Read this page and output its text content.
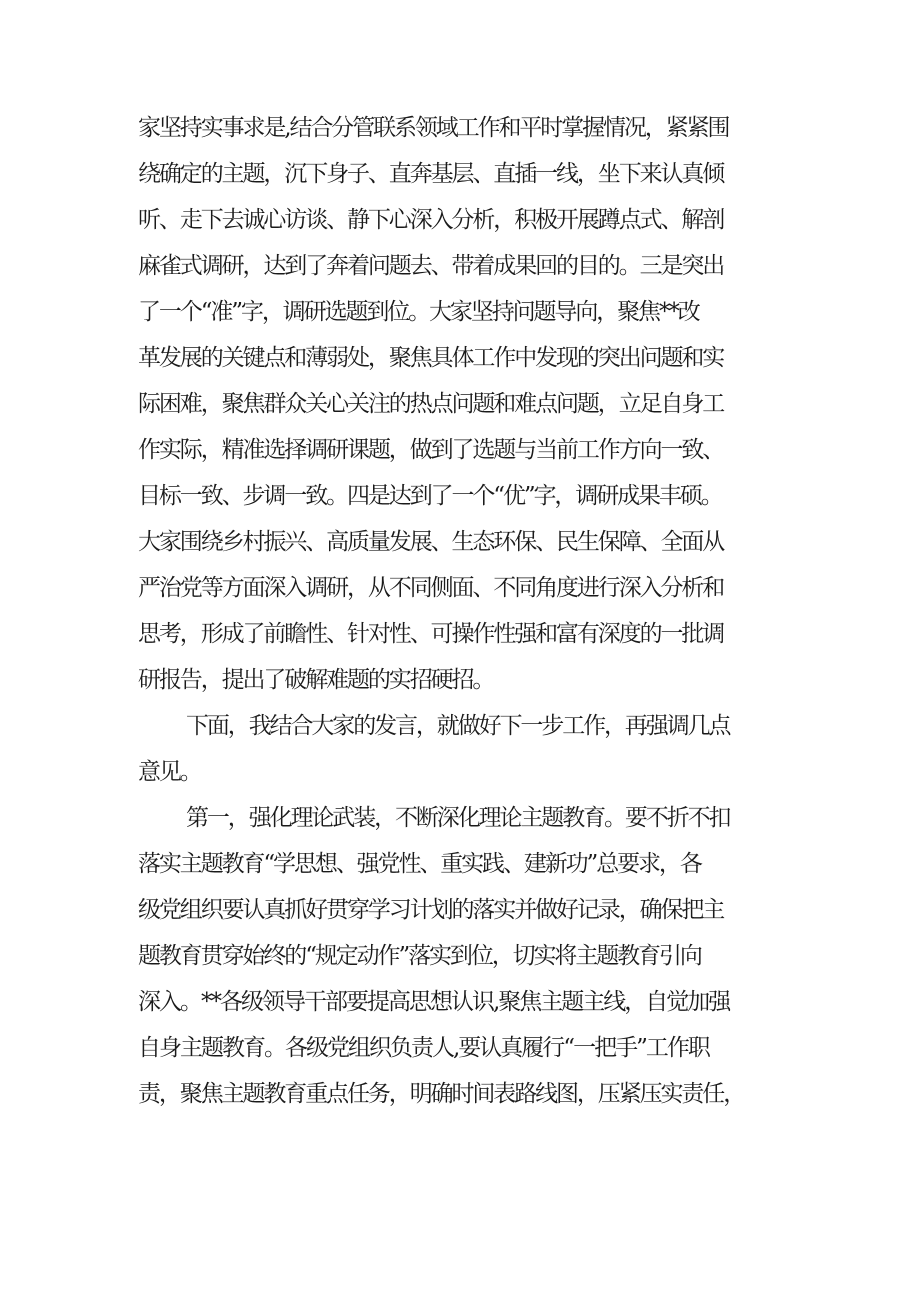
家坚持实事求是,结合分管联系领域工作和平时掌握情况，紧紧围
绕确定的主题，沉下身子、直奔基层、直插一线，坐下来认真倾
听、走下去诚心访谈、静下心深入分析，积极开展蹲点式、解剖
麻雀式调研，达到了奔着问题去、带着成果回的目的。三是突出
了一个“准”字，调研选题到位。大家坚持问题导向，聚焦**改
革发展的关键点和薄弱处，聚焦具体工作中发现的突出问题和实
际困难，聚焦群众关心关注的热点问题和难点问题，立足自身工
作实际，精准选择调研课题，做到了选题与当前工作方向一致、
目标一致、步调一致。四是达到了一个“优”字，调研成果丰硕。
大家围绕乡村振兴、高质量发展、生态环保、民生保障、全面从
严治党等方面深入调研，从不同侧面、不同角度进行深入分析和
思考，形成了前瞻性、针对性、可操作性强和富有深度的一批调
研报告，提出了破解难题的实招硬招。
下面，我结合大家的发言，就做好下一步工作，再强调几点
意见。
第一，强化理论武装，不断深化理论主题教育。要不折不扣
落实主题教育“学思想、强党性、重实践、建新功”总要求，各
级党组织要认真抓好贯穿学习计划的落实并做好记录，确保把主
题教育贯穿始终的“规定动作”落实到位，切实将主题教育引向
深入。**各级领导干部要提高思想认识,聚焦主题主线，自觉加强
自身主题教育。各级党组织负责人,要认真履行“一把手”工作职
责，聚焦主题教育重点任务，明确时间表路线图，压紧压实责任，
